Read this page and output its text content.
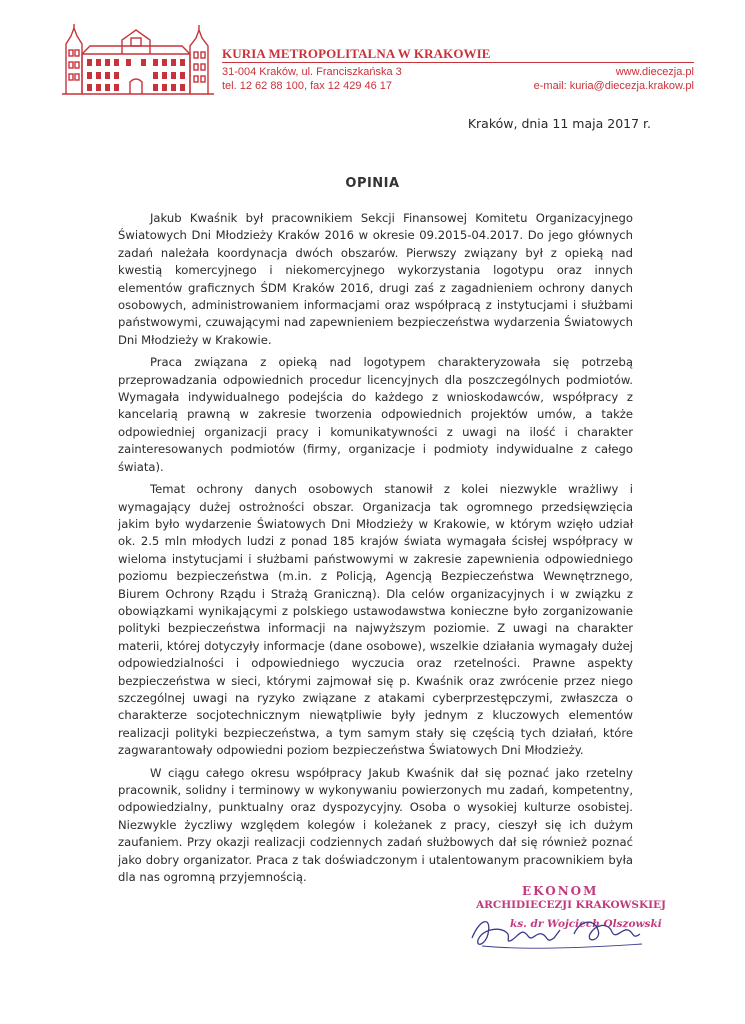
KURIA METROPOLITALNA W KRAKOWIE
31-004 Kraków, ul. Franciszkańska 3
tel. 12 62 88 100, fax 12 429 46 17
www.diecezja.pl
e-mail: kuria@diecezja.krakow.pl
Kraków, dnia 11 maja 2017 r.
OPINIA

Jakub Kwaśnik był pracownikiem Sekcji Finansowej Komitetu Organizacyjnego Światowych Dni Młodzieży Kraków 2016 w okresie 09.2015-04.2017. Do jego głównych zadań należała koordynacja dwóch obszarów. Pierwszy związany był z opieką nad kwestią komercyjnego i niekomercyjnego wykorzystania logotypu oraz innych elementów graficznych ŚDM Kraków 2016, drugi zaś z zagadnieniem ochrony danych osobowych, administrowaniem informacjami oraz współpracą z instytucjami i służbami państwowymi, czuwającymi nad zapewnieniem bezpieczeństwa wydarzenia Światowych Dni Młodzieży w Krakowie.

Praca związana z opieką nad logotypem charakteryzowała się potrzebą przeprowadzania odpowiednich procedur licencyjnych dla poszczególnych podmiotów. Wymagała indywidualnego podejścia do każdego z wnioskodawców, współpracy z kancelarią prawną w zakresie tworzenia odpowiednich projektów umów, a także odpowiedniej organizacji pracy i komunikatywności z uwagi na ilość i charakter zainteresowanych podmiotów (firmy, organizacje i podmioty indywidualne z całego świata).

Temat ochrony danych osobowych stanowił z kolei niezwykle wrażliwy i wymagający dużej ostrożności obszar. Organizacja tak ogromnego przedsięwzięcia jakim było wydarzenie Światowych Dni Młodzieży w Krakowie, w którym wzięło udział ok. 2.5 mln młodych ludzi z ponad 185 krajów świata wymagała ścisłej współpracy w wieloma instytucjami i służbami państwowymi w zakresie zapewnienia odpowiedniego poziomu bezpieczeństwa (m.in. z Policją, Agencją Bezpieczeństwa Wewnętrznego, Biurem Ochrony Rządu i Strażą Graniczną). Dla celów organizacyjnych i w związku z obowiązkami wynikającymi z polskiego ustawodawstwa konieczne było zorganizowanie polityki bezpieczeństwa informacji na najwyższym poziomie. Z uwagi na charakter materii, której dotyczyły informacje (dane osobowe), wszelkie działania wymagały dużej odpowiedzialności i odpowiedniego wyczucia oraz rzetelności. Prawne aspekty bezpieczeństwa w sieci, którymi zajmował się p. Kwaśnik oraz zwrócenie przez niego szczególnej uwagi na ryzyko związane z atakami cyberprzestępczymi, zwłaszcza o charakterze socjotechnicznym niewątpliwie były jednym z kluczowych elementów realizacji polityki bezpieczeństwa, a tym samym stały się częścią tych działań, które zagwarantowały odpowiedni poziom bezpieczeństwa Światowych Dni Młodzieży.

W ciągu całego okresu współpracy Jakub Kwaśnik dał się poznać jako rzetelny pracownik, solidny i terminowy w wykonywaniu powierzonych mu zadań, kompetentny, odpowiedzialny, punktualny oraz dyspozycyjny. Osoba o wysokiej kulturze osobistej. Niezwykle życzliwy względem kolegów i koleżanek z pracy, cieszył się ich dużym zaufaniem. Przy okazji realizacji codziennych zadań służbowych dał się również poznać jako dobry organizator. Praca z tak doświadczonym i utalentowanym pracownikiem była dla nas ogromną przyjemnością.

EKONOM
ARCHIDIECEZJI KRAKOWSKIEJ
ks. dr Wojciech Olszowski
